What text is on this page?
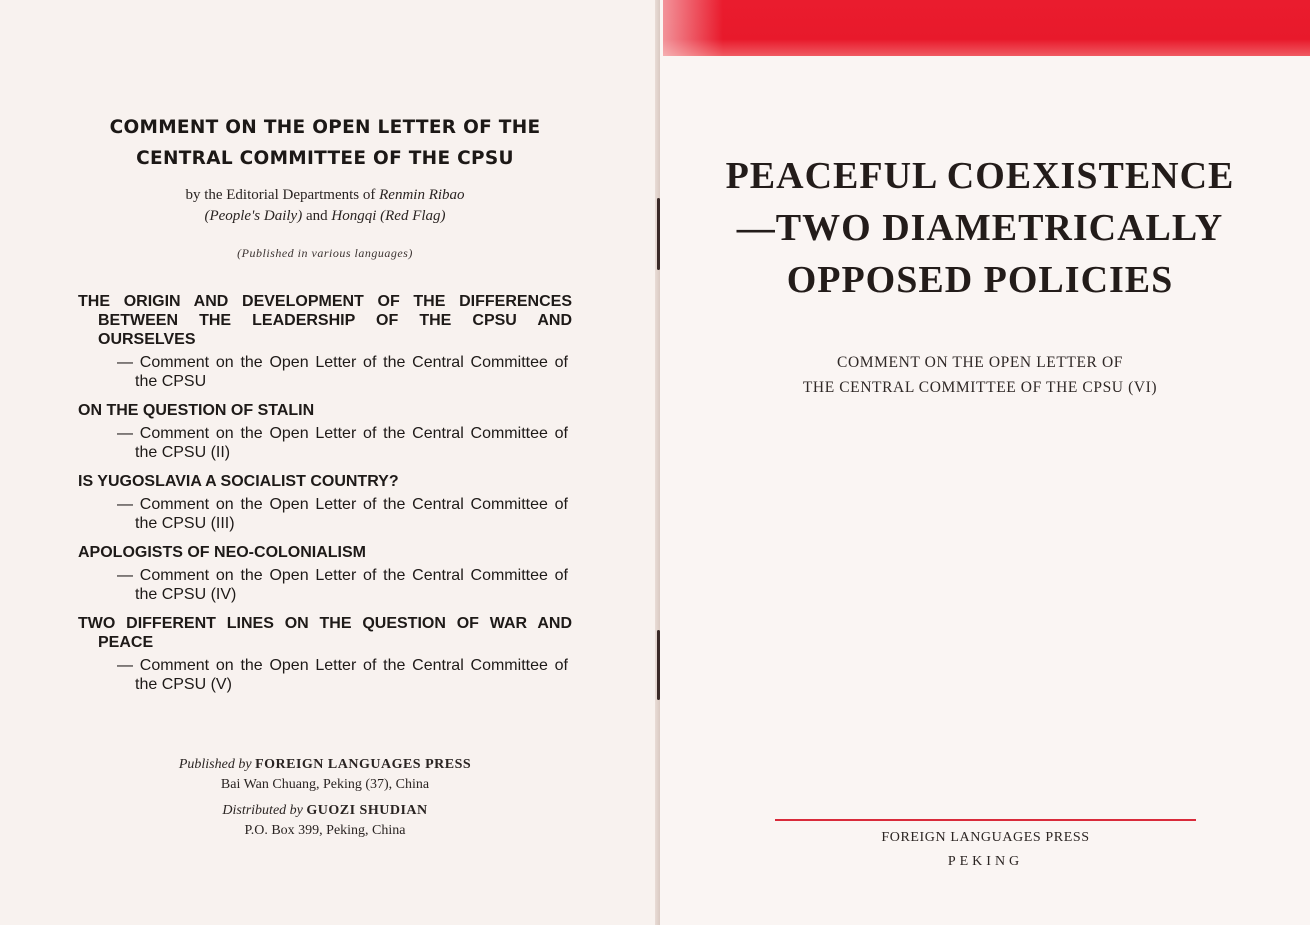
COMMENT ON THE OPEN LETTER OF THE
CENTRAL COMMITTEE OF THE CPSU
by the Editorial Departments of Renmin Ribao
(People's Daily) and Hongqi (Red Flag)
(Published in various languages)
THE ORIGIN AND DEVELOPMENT OF THE DIFFERENCES BETWEEN THE LEADERSHIP OF THE CPSU AND OURSELVES
— Comment on the Open Letter of the Central Committee of the CPSU
ON THE QUESTION OF STALIN
— Comment on the Open Letter of the Central Committee of the CPSU (II)
IS YUGOSLAVIA A SOCIALIST COUNTRY?
— Comment on the Open Letter of the Central Committee of the CPSU (III)
APOLOGISTS OF NEO-COLONIALISM
— Comment on the Open Letter of the Central Committee of the CPSU (IV)
TWO DIFFERENT LINES ON THE QUESTION OF WAR AND PEACE
— Comment on the Open Letter of the Central Committee of the CPSU (V)
Published by FOREIGN LANGUAGES PRESS
Bai Wan Chuang, Peking (37), China
Distributed by GUOZI SHUDIAN
P.O. Box 399, Peking, China
PEACEFUL COEXISTENCE
—TWO DIAMETRICALLY
OPPOSED POLICIES
COMMENT ON THE OPEN LETTER OF
THE CENTRAL COMMITTEE OF THE CPSU (VI)
FOREIGN LANGUAGES PRESS
PEKING
